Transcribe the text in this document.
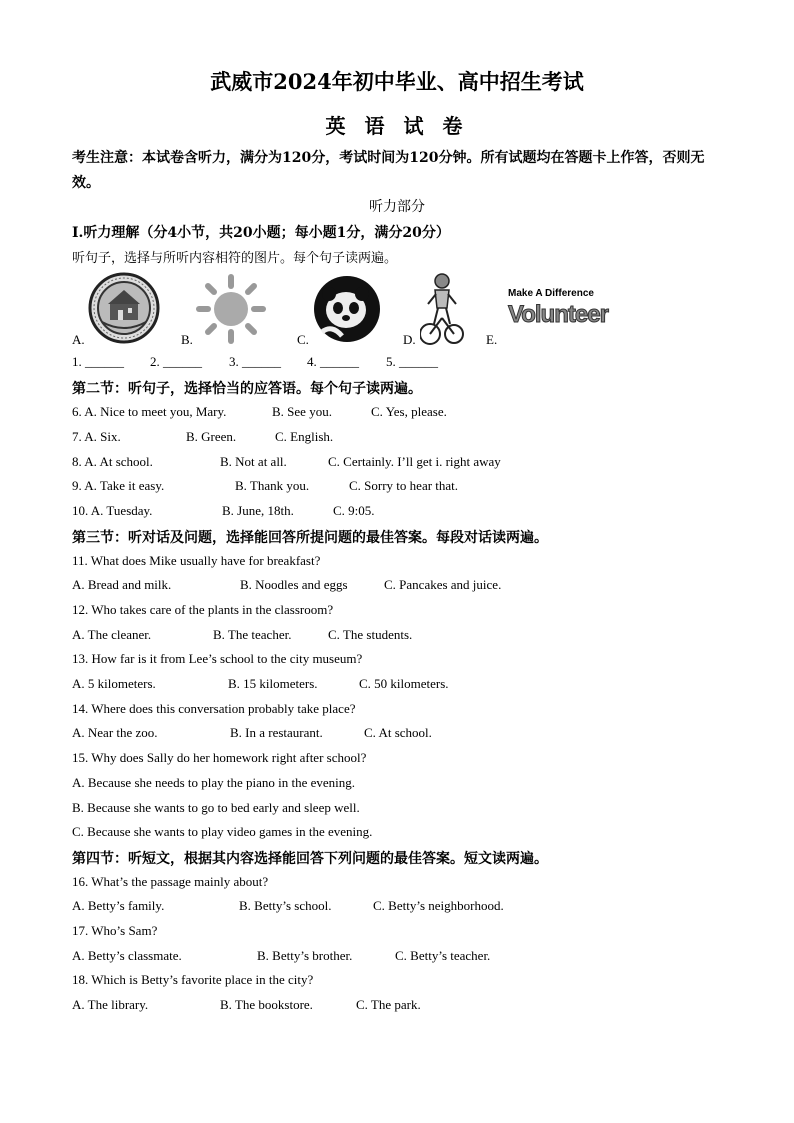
武威市2024年初中毕业、高中招生考试
英 语 试 卷
考生注意：本试卷含听力，满分为120分，考试时间为120分钟。所有试题均在答题卡上作答，否则无效。
听力部分
Ⅰ.听力理解（分4小节，共20小题；每小题1分，满分20分）
听句子，选择与所听内容相符的图片。每个句子读两遍。
A.	B.	C.	D.	E.
Make A Difference
Volunteer
1. ______ 2. ______ 3. ______ 4. ______ 5. ______
第二节：听句子，选择恰当的应答语。每个句子读两遍。
6. A. Nice to meet you, Mary.	B. See you.	C. Yes, please.
7. A. Six.	B. Green.	C. English.
8. A. At school.	B. Not at all.	C. Certainly. I’ll get i. right away
9. A. Take it easy.	B. Thank you.	C. Sorry to hear that.
10. A. Tuesday.	B. June, 18th.	C. 9:05.
第三节：听对话及问题，选择能回答所提问题的最佳答案。每段对话读两遍。
11. What does Mike usually have for breakfast?
A. Bread and milk.	B. Noodles and eggs	C. Pancakes and juice.
12. Who takes care of the plants in the classroom?
A. The cleaner.	B. The teacher.	C. The students.
13. How far is it from Lee’s school to the city museum?
A. 5 kilometers.	B. 15 kilometers.	C. 50 kilometers.
14. Where does this conversation probably take place?
A. Near the zoo.	B. In a restaurant.	C. At school.
15. Why does Sally do her homework right after school?
A. Because she needs to play the piano in the evening.
B. Because she wants to go to bed early and sleep well.
C. Because she wants to play video games in the evening.
第四节：听短文，根据其内容选择能回答下列问题的最佳答案。短文读两遍。
16. What’s the passage mainly about?
A. Betty’s family.	B. Betty’s school.	C. Betty’s neighborhood.
17. Who’s Sam?
A. Betty’s classmate.	B. Betty’s brother.	C. Betty’s teacher.
18. Which is Betty’s favorite place in the city?
A. The library.	B. The bookstore.	C. The park.
